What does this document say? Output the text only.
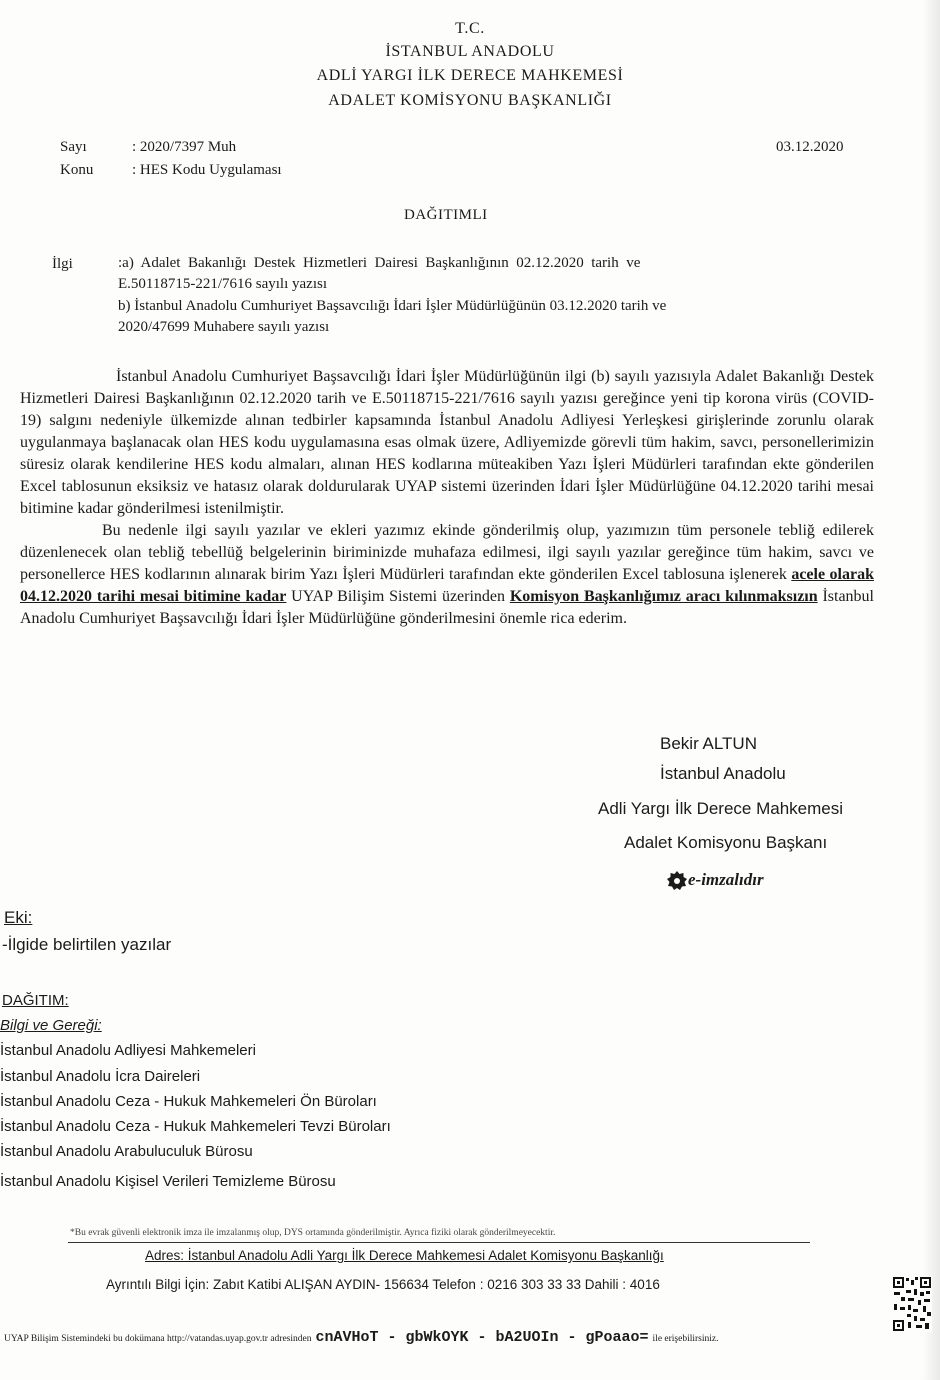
T.C.
İSTANBUL ANADOLU
ADLİ YARGI İLK DERECE MAHKEMESİ
ADALET KOMİSYONU BAŞKANLIĞI
Sayı	: 2020/7397 Muh
Konu	: HES Kodu Uygulaması
03.12.2020
DAĞITIMLI
İlgi	:a)  Adalet  Bakanlığı  Destek  Hizmetleri  Dairesi  Başkanlığının  02.12.2020  tarih  ve
E.50118715-221/7616 sayılı yazısı
b) İstanbul Anadolu Cumhuriyet Başsavcılığı İdari İşler Müdürlüğünün 03.12.2020 tarih ve
2020/47699 Muhabere sayılı yazısı

İstanbul Anadolu Cumhuriyet Başsavcılığı İdari İşler Müdürlüğünün ilgi (b) sayılı yazısıyla Adalet Bakanlığı Destek Hizmetleri Dairesi Başkanlığının 02.12.2020 tarih ve E.50118715-221/7616 sayılı yazısı gereğince yeni tip korona virüs (COVID-19) salgını nedeniyle ülkemizde alınan tedbirler kapsamında İstanbul Anadolu Adliyesi Yerleşkesi girişlerinde zorunlu olarak uygulanmaya başlanacak olan HES kodu uygulamasına esas olmak üzere, Adliyemizde görevli tüm hakim, savcı, personellerimizin süresiz olarak kendilerine HES kodu almaları, alınan HES kodlarına müteakiben Yazı İşleri Müdürleri tarafından ekte gönderilen Excel tablosunun eksiksiz ve hatasız olarak doldurularak UYAP sistemi üzerinden İdari İşler Müdürlüğüne 04.12.2020 tarihi mesai bitimine kadar gönderilmesi istenilmiştir.

Bu nedenle ilgi sayılı yazılar ve ekleri yazımız ekinde gönderilmiş olup, yazımızın tüm personele tebliğ edilerek düzenlenecek olan tebliğ tebellüğ belgelerinin biriminizde muhafaza edilmesi, ilgi sayılı yazılar gereğince tüm hakim, savcı ve personellerce HES kodlarının alınarak birim Yazı İşleri Müdürleri tarafından ekte gönderilen Excel tablosuna işlenerek acele olarak 04.12.2020 tarihi mesai bitimine kadar UYAP Bilişim Sistemi üzerinden Komisyon Başkanlığımız aracı kılınmaksızın İstanbul Anadolu Cumhuriyet Başsavcılığı İdari İşler Müdürlüğüne gönderilmesini önemle rica ederim.

Bekir ALTUN
İstanbul Anadolu
Adli Yargı İlk Derece Mahkemesi
Adalet Komisyonu Başkanı
e-imzalıdır
Eki:
-İlgide belirtilen yazılar
DAĞITIM:
Bilgi ve Gereği:
İstanbul Anadolu Adliyesi Mahkemeleri
İstanbul Anadolu İcra Daireleri
İstanbul Anadolu Ceza - Hukuk Mahkemeleri Ön Büroları
İstanbul Anadolu Ceza - Hukuk Mahkemeleri Tevzi Büroları
İstanbul Anadolu Arabuluculuk Bürosu
İstanbul Anadolu Kişisel Verileri Temizleme Bürosu
*Bu evrak güvenli elektronik imza ile imzalanmış olup, DYS ortamında gönderilmiştir. Ayrıca fiziki olarak gönderilmeyecektir.
Adres: İstanbul Anadolu Adli Yargı İlk Derece Mahkemesi Adalet Komisyonu Başkanlığı
Ayrıntılı Bilgi İçin: Zabıt Katibi ALIŞAN AYDIN- 156634 Telefon : 0216 303 33 33 Dahili : 4016
UYAP Bilişim Sistemindeki bu dokümana http://vatandas.uyap.gov.tr adresinden cnAVHoT - gbWkOYK - bA2UOIn - gPoaao= ile erişebilirsiniz.
